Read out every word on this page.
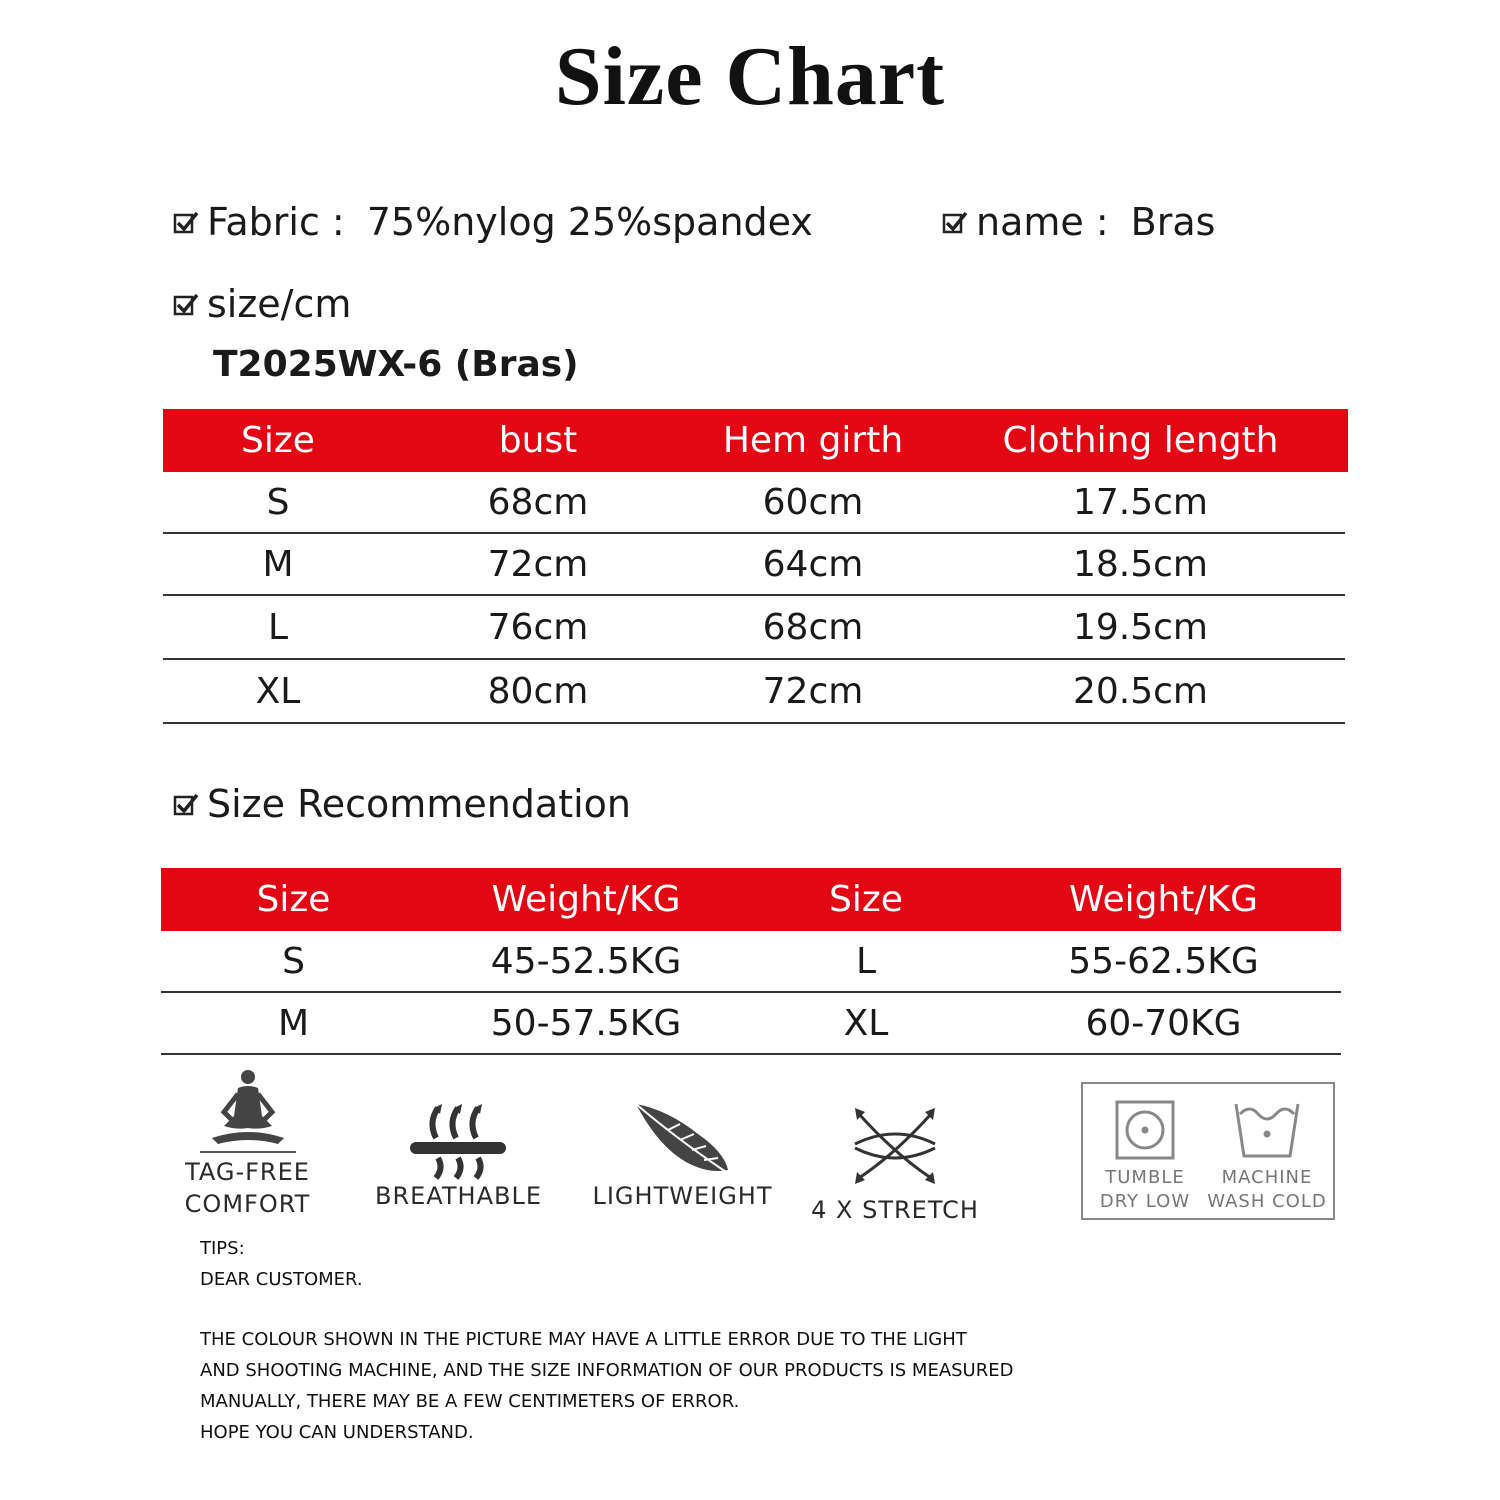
Size Chart
Fabric : 75%nylog 25%spandex	name : Bras
size/cm
T2025WX-6 (Bras)
Size	bust	Hem girth	Clothing length
S	68cm	60cm	17.5cm
M	72cm	64cm	18.5cm
L	76cm	68cm	19.5cm
XL	80cm	72cm	20.5cm
Size Recommendation
Size	Weight/KG	Size	Weight/KG
S	45-52.5KG	L	55-62.5KG
M	50-57.5KG	XL	60-70KG
TAG-FREE
COMFORT	BREATHABLE LIGHTWEIGHT 4 X STRETCH
TUMBLE
DRY LOW
MACHINE
WASH COLD
TIPS:
DEAR CUSTOMER.
THE COLOUR SHOWN IN THE PICTURE MAY HAVE A LITTLE ERROR DUE TO THE LIGHT
AND SHOOTING MACHINE, AND THE SIZE INFORMATION OF OUR PRODUCTS IS MEASURED
MANUALLY, THERE MAY BE A FEW CENTIMETERS OF ERROR.
HOPE YOU CAN UNDERSTAND.
